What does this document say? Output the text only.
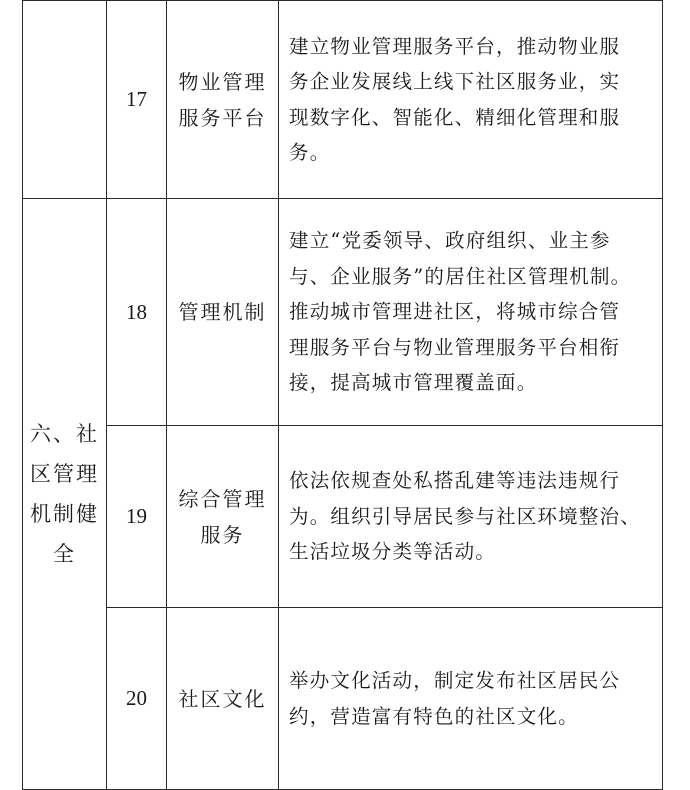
	17	物业管理
服务平台	建立物业管理服务平台，推动物业服
务企业发展线上线下社区服务业，实
现数字化、智能化、精细化管理和服
务。

六、社
区管理
机制健
全	18	管理机制	建立“党委领导、政府组织、业主参
与、企业服务”的居住社区管理机制。
推动城市管理进社区，将城市综合管
理服务平台与物业管理服务平台相衔
接，提高城市管理覆盖面。

	19	综合管理
服务	依法依规查处私搭乱建等违法违规行
为。组织引导居民参与社区环境整治、
生活垃圾分类等活动。

	20	社区文化	举办文化活动，制定发布社区居民公
约，营造富有特色的社区文化。
